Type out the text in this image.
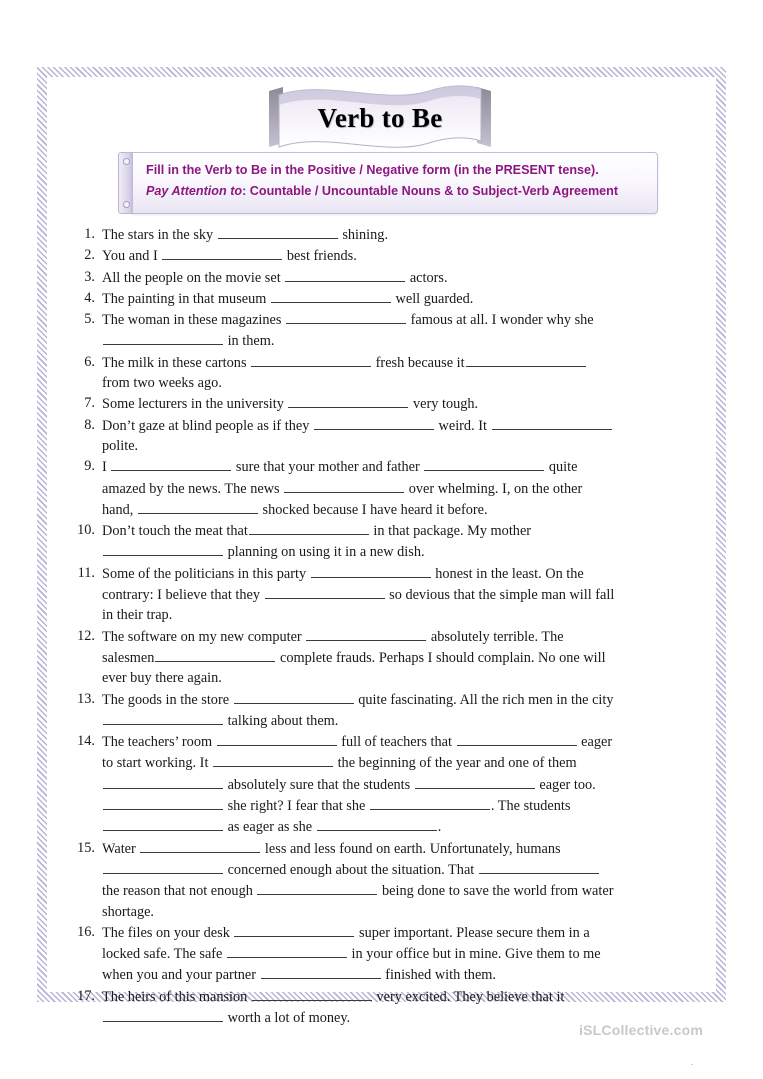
Verb to Be
Fill in the Verb to Be in the Positive / Negative form (in the PRESENT tense).
Pay Attention to: Countable / Uncountable Nouns & to Subject-Verb Agreement
1. The stars in the sky	shining.
2. You and I	best friends.
3. All the people on the movie set	actors.
4. The painting in that museum	well guarded.
5. The woman in these magazines	famous at all. I wonder why she
in them.
6. The milk in these cartons	fresh because it
from two weeks ago.
7. Some lecturers in the university	very tough.
8. Don’t gaze at blind people as if they	weird. It
polite.
9. I	sure that your mother and father	quite
amazed by the news. The news	over whelming. I, on the other
hand,	shocked because I have heard it before.
10. Don’t touch the meat that	in that package. My mother
planning on using it in a new dish.
11. Some of the politicians in this party	honest in the least. On the
contrary: I believe that they	so devious that the simple man will fall
in their trap.
12. The software on my new computer	absolutely terrible. The
salesmen	complete frauds. Perhaps I should complain. No one will
ever buy there again.
13. The goods in the store	quite fascinating. All the rich men in the city
talking about them.
14. The teachers’ room	full of teachers that	eager
to start working. It	the beginning of the year and one of them
absolutely sure that the students	eager too.
she right? I fear that she	. The students
as eager as she	.
15. Water	less and less found on earth. Unfortunately, humans
concerned enough about the situation. That
the reason that not enough	being done to save the world from water
shortage.
16. The files on your desk	super important. Please secure them in a
locked safe. The safe	in your office but in mine. Give them to me
when you and your partner	finished with them.
17. The heirs of this mansion	very excited. They believe that it
worth a lot of money.
iSLCollective.com
.
